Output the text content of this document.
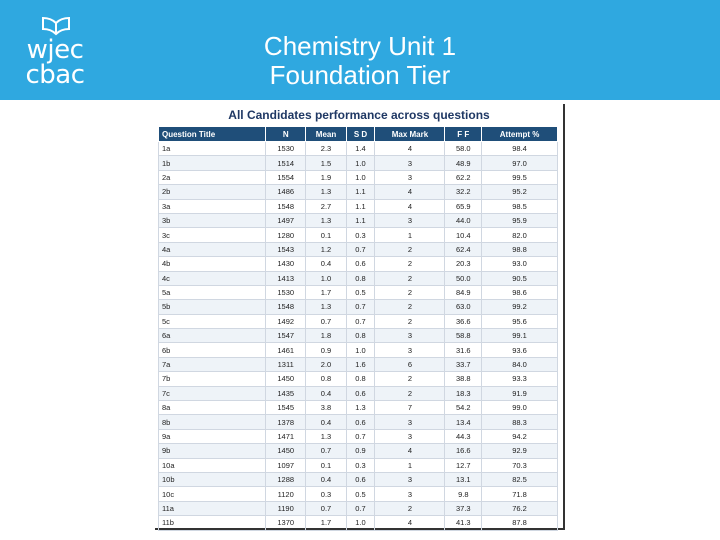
wjec
cbac
Chemistry Unit 1
Foundation Tier
All Candidates performance across questions
Question Title	N	Mean	S D	Max Mark	F F	Attempt %
1a	1530	2.3	1.4	4	58.0	98.4
1b	1514	1.5	1.0	3	48.9	97.0
2a	1554	1.9	1.0	3	62.2	99.5
2b	1486	1.3	1.1	4	32.2	95.2
3a	1548	2.7	1.1	4	65.9	98.5
3b	1497	1.3	1.1	3	44.0	95.9
3c	1280	0.1	0.3	1	10.4	82.0
4a	1543	1.2	0.7	2	62.4	98.8
4b	1430	0.4	0.6	2	20.3	93.0
4c	1413	1.0	0.8	2	50.0	90.5
5a	1530	1.7	0.5	2	84.9	98.6
5b	1548	1.3	0.7	2	63.0	99.2
5c	1492	0.7	0.7	2	36.6	95.6
6a	1547	1.8	0.8	3	58.8	99.1
6b	1461	0.9	1.0	3	31.6	93.6
7a	1311	2.0	1.6	6	33.7	84.0
7b	1450	0.8	0.8	2	38.8	93.3
7c	1435	0.4	0.6	2	18.3	91.9
8a	1545	3.8	1.3	7	54.2	99.0
8b	1378	0.4	0.6	3	13.4	88.3
9a	1471	1.3	0.7	3	44.3	94.2
9b	1450	0.7	0.9	4	16.6	92.9
10a	1097	0.1	0.3	1	12.7	70.3
10b	1288	0.4	0.6	3	13.1	82.5
10c	1120	0.3	0.5	3	9.8	71.8
11a	1190	0.7	0.7	2	37.3	76.2
11b	1370	1.7	1.0	4	41.3	87.8
